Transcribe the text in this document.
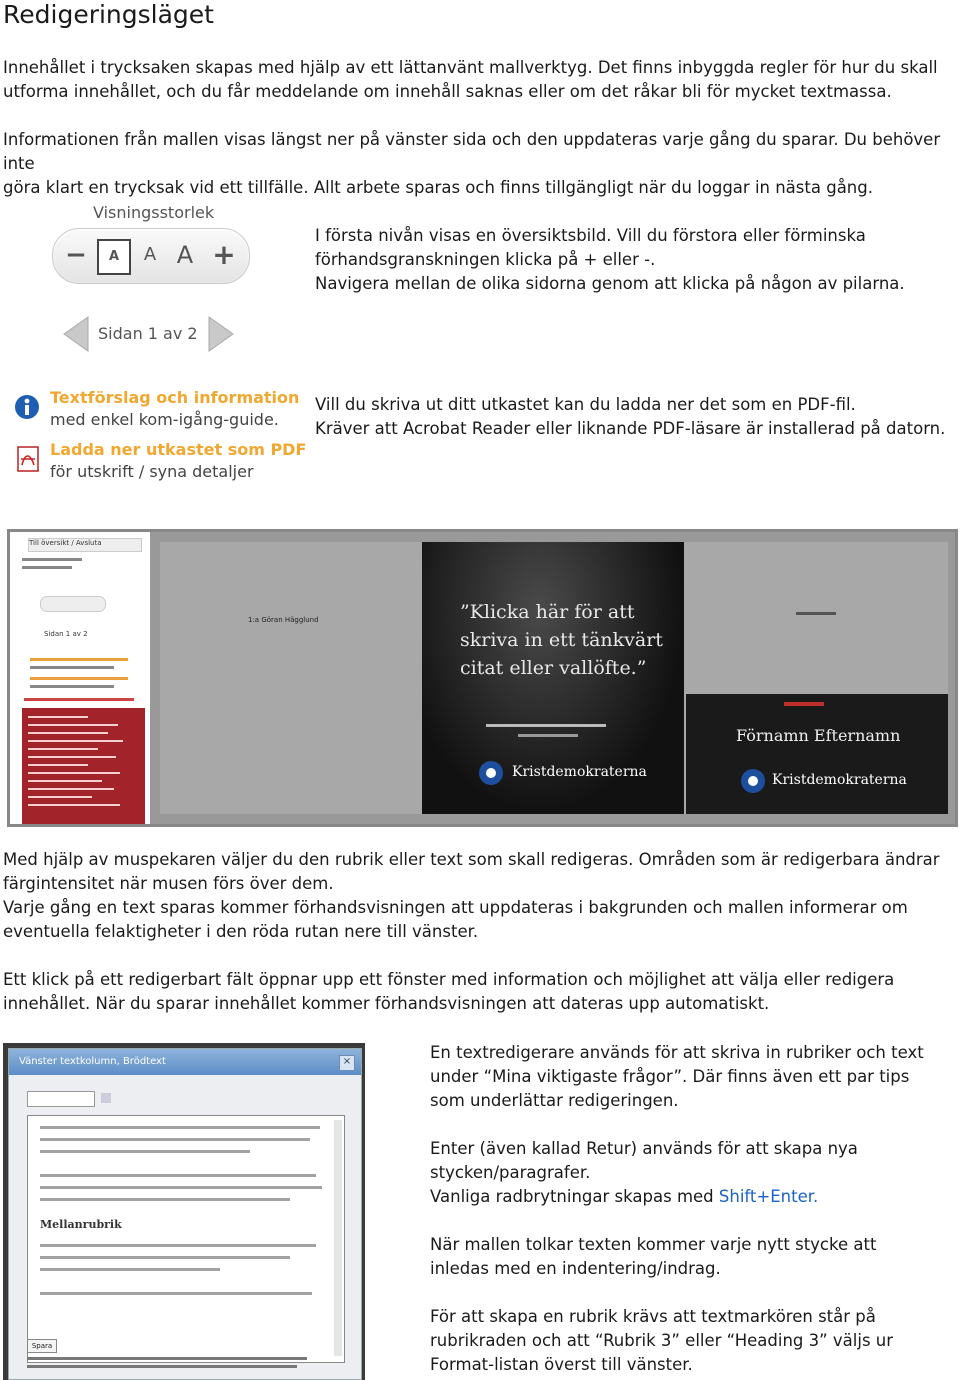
Redigeringsläget

Innehållet i trycksaken skapas med hjälp av ett lättanvänt mallverktyg. Det finns inbyggda regler för hur du skall

utforma innehållet, och du får meddelande om innehåll saknas eller om det råkar bli för mycket textmassa.

Informationen från mallen visas längst ner på vänster sida och den uppdateras varje gång du sparar. Du behöver inte

göra klart en trycksak vid ett tillfälle. Allt arbete sparas och finns tillgängligt när du loggar in nästa gång.

Visningsstorlek
−	A	A A +
Sidan 1 av 2

I första nivån visas en översiktsbild. Vill du förstora eller förminska

förhandsgranskningen klicka på + eller -.

Navigera mellan de olika sidorna genom att klicka på någon av pilarna.

Textförslag och information
med enkel kom-igång-guide.
Ladda ner utkastet som PDF
för utskrift / syna detaljer

Vill du skriva ut ditt utkastet kan du ladda ner det som en PDF-fil.

Kräver att Acrobat Reader eller liknande PDF-läsare är installerad på datorn.

Till översikt / Avsluta
Sidan 1 av 2
1:a Göran Hägglund	”Klicka här för att
skriva in ett tänkvärt
citat eller vallöfte.”
Kristdemokraterna
Förnamn Efternamn
Kristdemokraterna

Med hjälp av muspekaren väljer du den rubrik eller text som skall redigeras. Områden som är redigerbara ändrar

färgintensitet när musen förs över dem.

Varje gång en text sparas kommer förhandsvisningen att uppdateras i bakgrunden och mallen informerar om

eventuella felaktigheter i den röda rutan nere till vänster.

Ett klick på ett redigerbart fält öppnar upp ett fönster med information och möjlighet att välja eller redigera

innehållet. När du sparar innehållet kommer förhandsvisningen att dateras upp automatiskt.

Vänster textkolumn, Brödtext	×
Mellanrubrik
Spara

En textredigerare används för att skriva in rubriker och text

under “Mina viktigaste frågor”. Där finns även ett par tips

som underlättar redigeringen.

Enter (även kallad Retur) används för att skapa nya

stycken/paragrafer.

Vanliga radbrytningar skapas med Shift+Enter.

När mallen tolkar texten kommer varje nytt stycke att

inledas med en indentering/indrag.

För att skapa en rubrik krävs att textmarkören står på

rubrikraden och att “Rubrik 3” eller “Heading 3” väljs ur

Format-listan överst till vänster.
